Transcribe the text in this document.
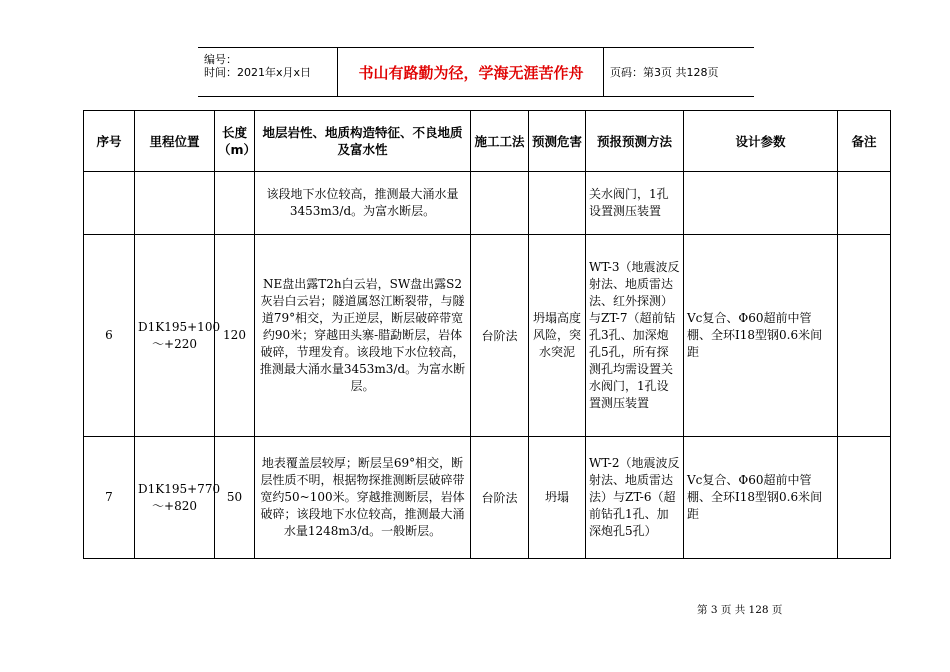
编号：
时间：2021年x月x日	书山有路勤为径，学海无涯苦作舟	页码：第3页 共128页
序号	里程位置	长度（m）	地层岩性、地质构造特征、不良地质及富水性	施工工法	预测危害	预报预测方法	设计参数	备注
			该段地下水位较高，推测最大涌水量3453m3/d。为富水断层。			关水阀门，1孔设置测压装置		
6	D1K195+100～+220	120	NE盘出露T2h白云岩，SW盘出露S2灰岩白云岩；隧道属怒江断裂带，与隧道79°相交，为正逆层，断层破碎带宽约90米；穿越田头寨-腊勐断层，岩体破碎，节理发育。该段地下水位较高，推测最大涌水量3453m3/d。为富水断层。	台阶法	坍塌高度风险，突水突泥	WT-3（地震波反射法、地质雷达法、红外探测）与ZT-7（超前钻孔3孔、加深炮孔5孔，所有探测孔均需设置关水阀门，1孔设置测压装置	Vc复合、Φ60超前中管棚、全环Ⅰ18型钢0.6米间距	
7	D1K195+770～+820	50	地表覆盖层较厚；断层呈69°相交，断层性质不明，根据物探推测断层破碎带宽约50~100米。穿越推测断层，岩体破碎；该段地下水位较高，推测最大涌水量1248m3/d。一般断层。	台阶法	坍塌	WT-2（地震波反射法、地质雷达法）与ZT-6（超前钻孔1孔、加深炮孔5孔）	Vc复合、Φ60超前中管棚、全环Ⅰ18型钢0.6米间距	
第 3 页 共 128 页
